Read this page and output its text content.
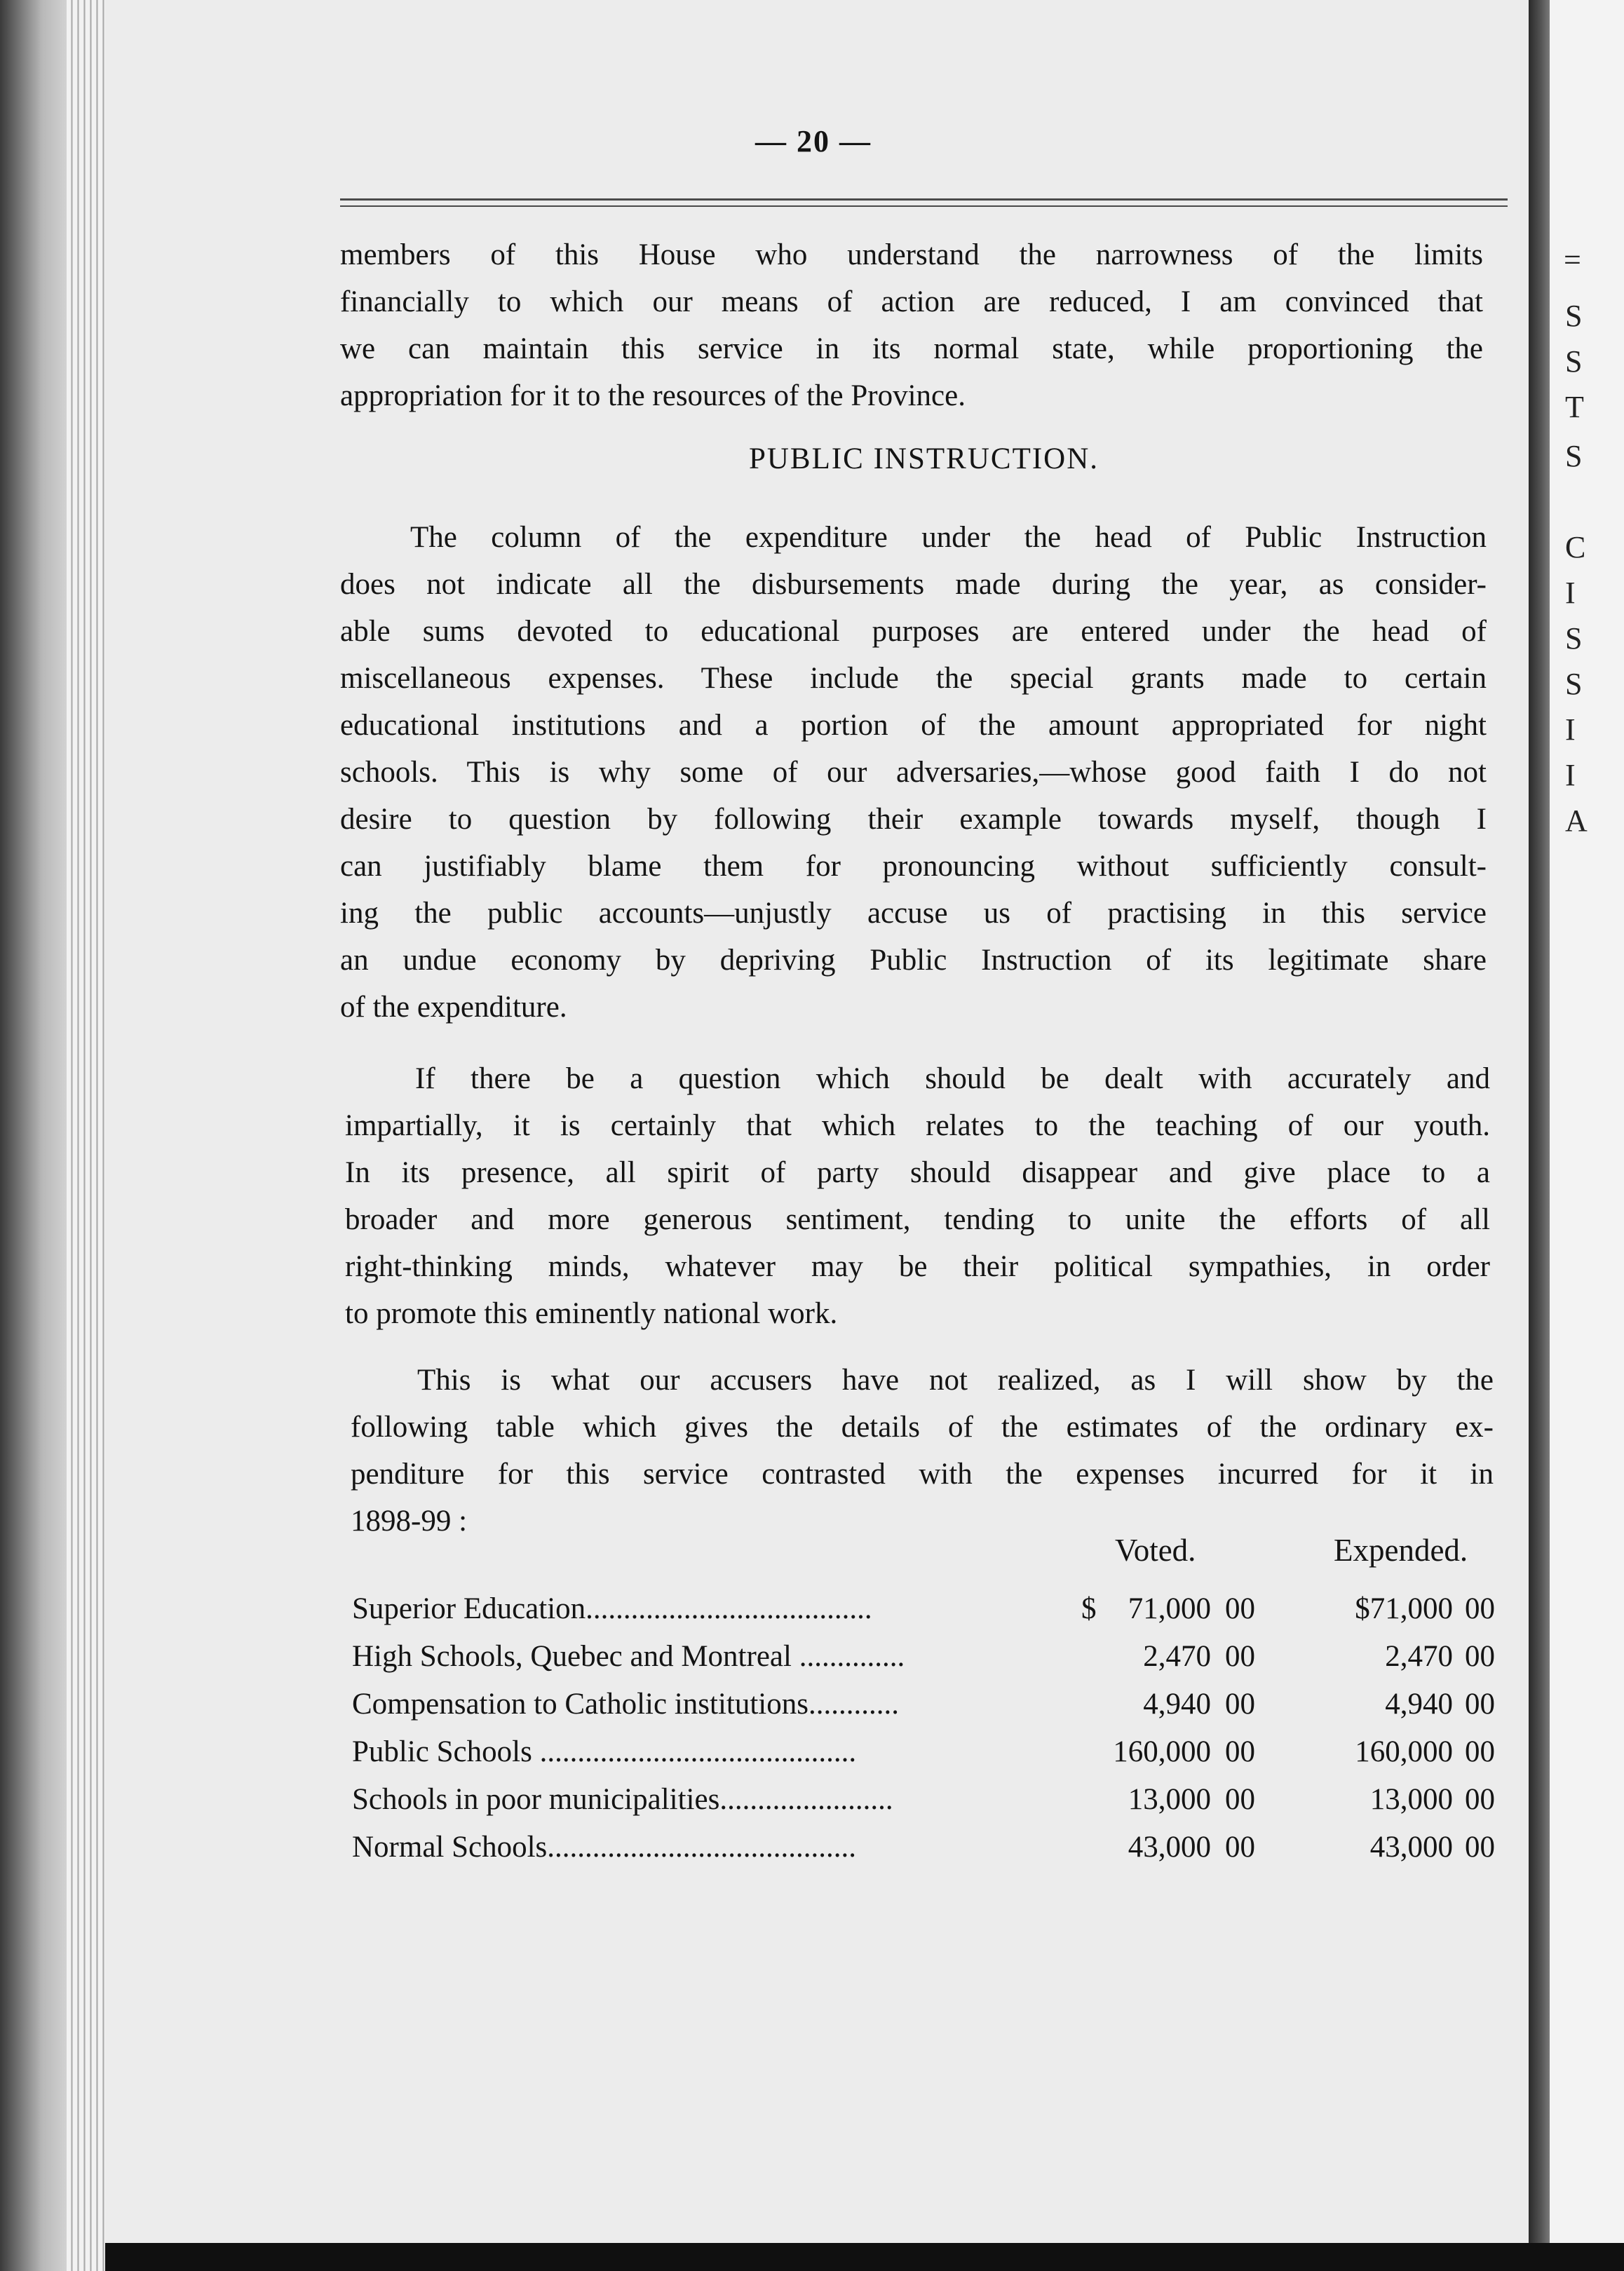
— 20 —
members of this House who understand the narrowness of the limits
financially to which our means of action are reduced, I am convinced that
we can maintain this service in its normal state, while proportioning the
appropriation for it to the resources of the Province.
PUBLIC INSTRUCTION.
The column of the expenditure under the head of Public Instruction
does not indicate all the disbursements made during the year, as consider-
able sums devoted to educational purposes are entered under the head of
miscellaneous expenses. These include the special grants made to certain
educational institutions and a portion of the amount appropriated for night
schools. This is why some of our adversaries,—whose good faith I do not
desire to question by following their example towards myself, though I
can justifiably blame them for pronouncing without sufficiently consult-
ing the public accounts—unjustly accuse us of practising in this service
an undue economy by depriving Public Instruction of its legitimate share
of the expenditure.
If there be a question which should be dealt with accurately and
impartially, it is certainly that which relates to the teaching of our youth.
In its presence, all spirit of party should disappear and give place to a
broader and more generous sentiment, tending to unite the efforts of all
right-thinking minds, whatever may be their political sympathies, in order
to promote this eminently national work.
This is what our accusers have not realized, as I will show by the
following table which gives the details of the estimates of the ordinary ex-
penditure for this service contrasted with the expenses incurred for it in
1898-99 :
Voted.	Expended.
Superior Education......................................	$	71,000 00	$71,000 00
High Schools, Quebec and Montreal ..............	2,470 00	2,470 00
Compensation to Catholic institutions............	4,940 00	4,940 00
Public Schools ..........................................	160,000 00	160,000 00
Schools in poor municipalities.......................	13,000 00	13,000 00
Normal Schools.........................................	43,000 00	43,000 00
=
S
S
T
S
C
I
S
S
I
I
A
